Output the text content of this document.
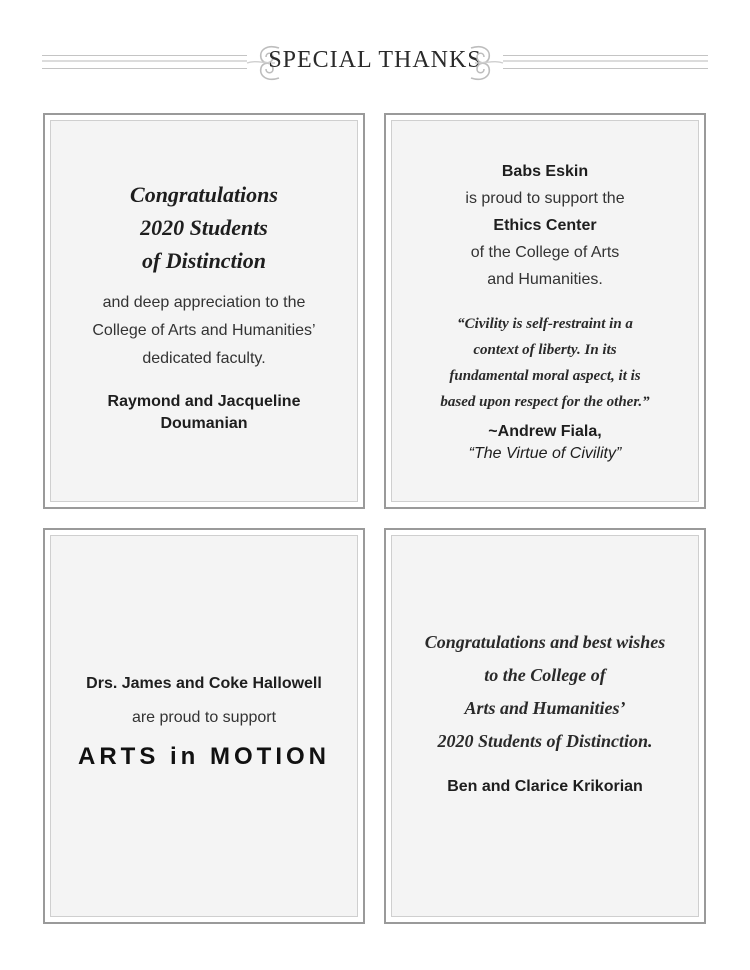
SPECIAL THANKS
Congratulations
2020 Students
of Distinction
and deep appreciation to the
College of Arts and Humanities’
dedicated faculty.
Raymond and Jacqueline
Doumanian
Babs Eskin
is proud to support the
Ethics Center
of the College of Arts
and Humanities.
“Civility is self-restraint in a
context of liberty. In its
fundamental moral aspect, it is
based upon respect for the other.”
~Andrew Fiala,
“The Virtue of Civility”
Drs. James and Coke Hallowell
are proud to support
ARTS in MOTION
Congratulations and best wishes
to the College of
Arts and Humanities’
2020 Students of Distinction.
Ben and Clarice Krikorian
